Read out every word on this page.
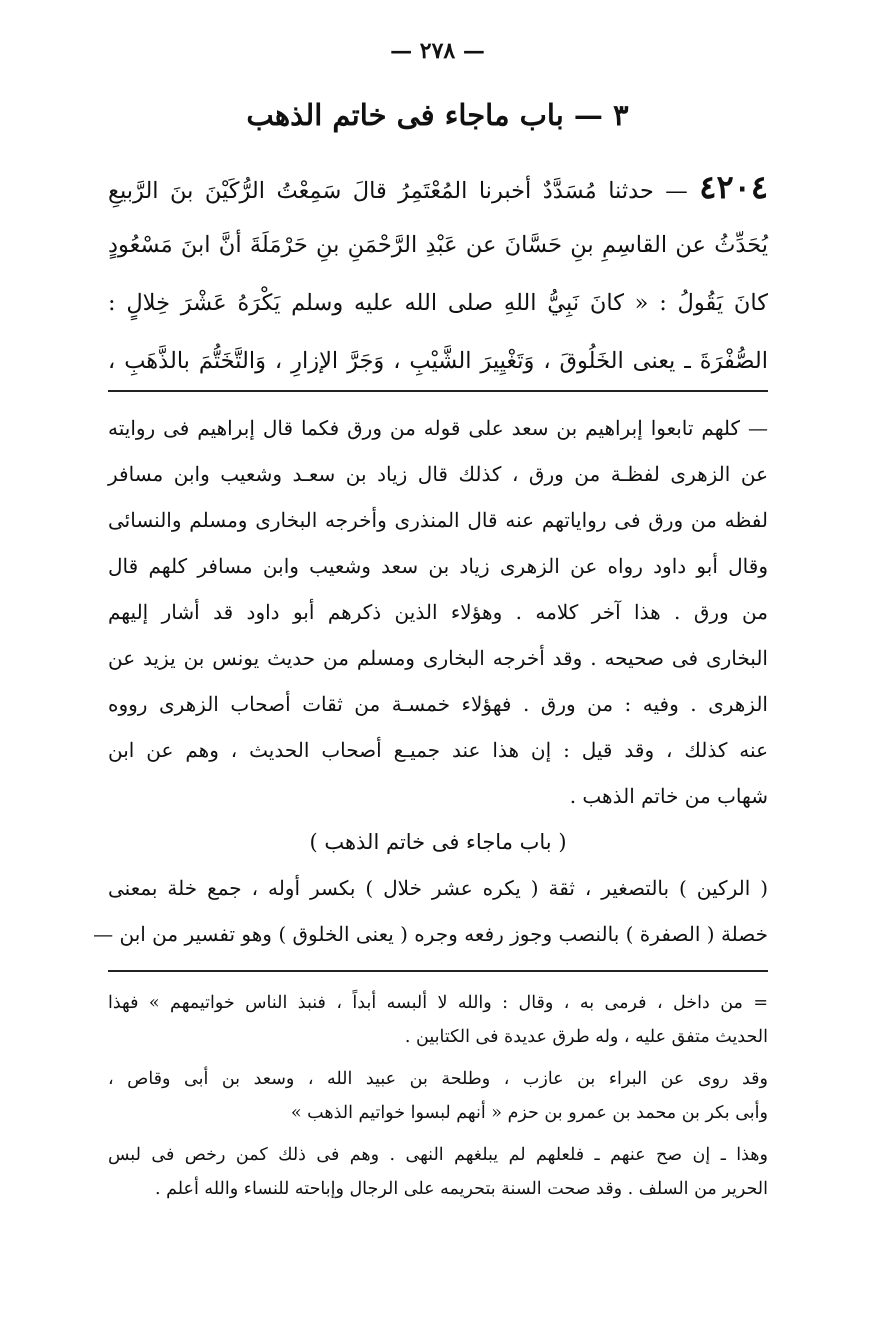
— ٢٧٨ —
٣ — باب ماجاء فى خاتم الذهب
٤٢٠٤ — حدثنا مُسَدَّدٌ أخبرنا المُعْتَمِرُ قالَ سَمِعْتُ الرُّكَيْنَ بنَ الرَّبيعِ
يُحَدِّثُ عن القاسِمِ بنِ حَسَّانَ عن عَبْدِ الرَّحْمَنِ بنِ حَرْمَلَةَ أنَّ ابنَ مَسْعُودٍ
كانَ يَقُولُ : « كانَ نَبِيُّ اللهِ صلى الله عليه وسلم يَكْرَهُ عَشْرَ خِلالٍ :
الصُّفْرَةَ ـ يعنى الخَلُوقَ ، وَتَغْيِيرَ الشَّيْبِ ، وَجَرَّ الإزارِ ، وَالتَّخَتُّمَ بالذَّهَبِ ،
— كلهم تابعوا إبراهيم بن سعد على قوله من ورق فكما قال إبراهيم فى روايته
عن الزهرى لفظـة من ورق ، كذلك قال زياد بن سعـد وشعيب وابن مسافر
لفظه من ورق فى رواياتهم عنه قال المنذرى وأخرجه البخارى ومسلم والنسائى
وقال أبو داود رواه عن الزهرى زياد بن سعد وشعيب وابن مسافر كلهم قال
من ورق . هذا آخر كلامه . وهؤلاء الذين ذكرهم أبو داود قد أشار إليهم
البخارى فى صحيحه . وقد أخرجه البخارى ومسلم من حديث يونس بن يزيد عن
الزهرى . وفيه : من ورق . فهؤلاء خمسـة من ثقات أصحاب الزهرى رووه
عنه كذلك ، وقد قيل : إن هذا عند جميـع أصحاب الحديث ، وهم عن ابن
شهاب من خاتم الذهب .
( باب ماجاء فى خاتم الذهب )
( الركين ) بالتصغير ، ثقة ( يكره عشر خلال ) بكسر أوله ، جمع خلة بمعنى
خصلة ( الصفرة ) بالنصب وجوز رفعه وجره ( يعنى الخلوق ) وهو تفسير من ابن —
= من داخل ، فرمى به ، وقال : والله لا ألبسه أبداً ، فنبذ الناس خواتيمهم » فهذا
الحديث متفق عليه ، وله طرق عديدة فى الكتابين .
وقد روى عن البراء بن عازب ، وطلحة بن عبيد الله ، وسعد بن أبى وقاص ،
وأبى بكر بن محمد بن عمرو بن حزم « أنهم لبسوا خواتيم الذهب »
وهذا ـ إن صح عنهم ـ فلعلهم لم يبلغهم النهى . وهم فى ذلك كمن رخص فى لبس
الحرير من السلف . وقد صحت السنة بتحريمه على الرجال وإباحته للنساء والله أعلم .
